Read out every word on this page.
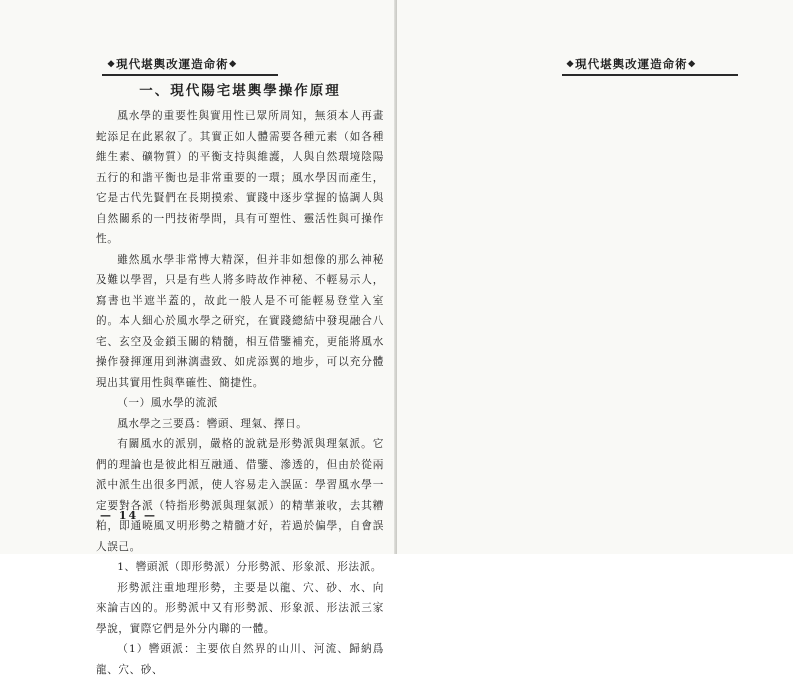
❖現代堪輿改運造命術❖

一、現代陽宅堪輿學操作原理

風水學的重要性與實用性已眾所周知，無須本人再畫蛇添足在此累叙了。其實正如人體需要各種元素（如各種維生素、礦物質）的平衡支持與維護，人與自然環境陰陽五行的和諧平衡也是非常重要的一環；風水學因而產生，它是古代先賢們在長期摸索、實踐中逐步掌握的協調人與自然關系的一門技術學問，具有可塑性、靈活性與可操作性。

雖然風水學非常博大精深，但并非如想像的那么神秘及難以學習，只是有些人將多時故作神秘、不輕易示人，寫書也半遮半蓋的，故此一般人是不可能輕易登堂入室的。本人細心於風水學之研究，在實踐總結中發現融合八宅、玄空及金鎖玉關的精髓，相互借鑒補充，更能將風水操作發揮運用到淋漓盡致、如虎添翼的地步，可以充分體現出其實用性與準確性、簡捷性。

（一）風水學的流派

風水學之三要爲：轡頭、理氣、擇日。

有關風水的派别，嚴格的說就是形勢派與理氣派。它們的理論也是彼此相互融通、借鑒、滲透的，但由於從兩派中派生出很多門派，使人容易走入誤區：學習風水學一定要對各派（特指形勢派與理氣派）的精華兼收，去其糟粕，即通曉風叉明形勢之精髓才好，若過於偏學，自會誤人誤己。

1、轡頭派（即形勢派）分形勢派、形象派、形法派。

形勢派注重地理形勢，主要是以龍、穴、砂、水、向來論吉凶的。形勢派中又有形勢派、形象派、形法派三家學說，實際它們是外分内聯的一體。

（1）轡頭派：主要依自然界的山川、河流、歸納爲龍、穴、砂、

— 14 —

❖現代堪輿改運造命術❖
